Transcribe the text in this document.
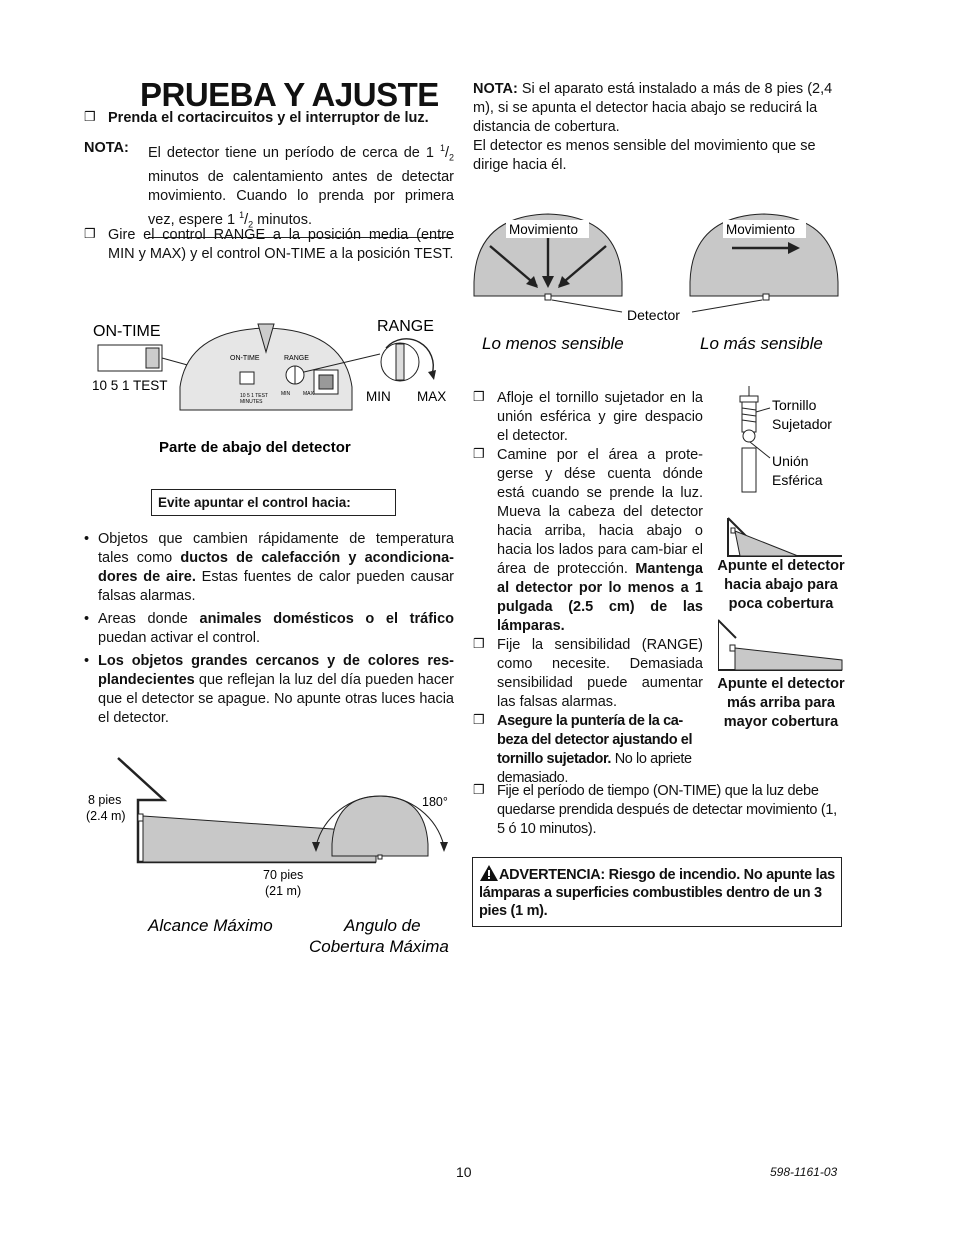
PRUEBA Y AJUSTE
❒ Prenda el cortacircuitos y el interruptor de luz.

NOTA: El detector tiene un período de cerca de 1 $^1/_2$ minutos de calentamiento antes de detectar movimiento. Cuando lo prenda por primera vez, espere 1 $^1/_2$ minutos.

❒ Gire el control RANGE a la posición media (entre MIN y MAX) y el control ON-TIME a la posición TEST.

ON-TIME
10 5 1 TEST
ON-TIME	RANGE
10 5 1 TEST
MINUTES
MIN	MAX
RANGE
MIN MAX
Parte de abajo del detector
Evite apuntar el control hacia:
• Objetos que cambien rápidamente de temperatura tales como ductos de calefacción y acondiciona-dores de aire. Estas fuentes de calor pueden causar falsas alarmas.
• Areas donde animales domésticos o el tráfico puedan activar el control.
• Los objetos grandes cercanos y de colores res-plandecientes que reflejan la luz del día pueden hacer que el detector se apague. No apunte otras luces hacia el detector.
8 pies
(2.4 m)
70 pies
(21 m)
180°
Alcance Máximo	Angulo de
Cobertura Máxima

NOTA: Si el aparato está instalado a más de 8 pies (2,4 m), si se apunta el detector hacia abajo se reducirá la distancia de cobertura.

El detector es menos sensible del movimiento que se dirige hacia él.

Movimiento	Movimiento
Detector
Lo menos sensible	Lo más sensible
❒ Afloje el tornillo sujetador en la unión esférica y gire despacio el detector.

❒ Camine por el área a prote-gerse y dése cuenta dónde está cuando se prende la luz. Mueva la cabeza del detector hacia arriba, hacia abajo o hacia los lados para cam-biar el área de protección. Mantenga al detector por lo menos a 1 pulgada (2.5 cm) de las lámparas.

❒ Fije la sensibilidad (RANGE) como necesite. Demasiada sensibilidad puede aumentar las falsas alarmas.

❒ Asegure la puntería de la ca-beza del detector ajustando el tornillo sujetador. No lo apriete demasiado.

❒ Fije el período de tiempo (ON-TIME) que la luz debe quedarse prendida después de detectar movimiento (1, 5 ó 10 minutos).

Tornillo
Sujetador
Unión
Esférica
Apunte el detector hacia abajo para poca cobertura
Apunte el detector más arriba para mayor cobertura
ADVERTENCIA: Riesgo de incendio. No apunte las lámparas a superficies combustibles dentro de un 3 pies (1 m).
10	598-1161-03
